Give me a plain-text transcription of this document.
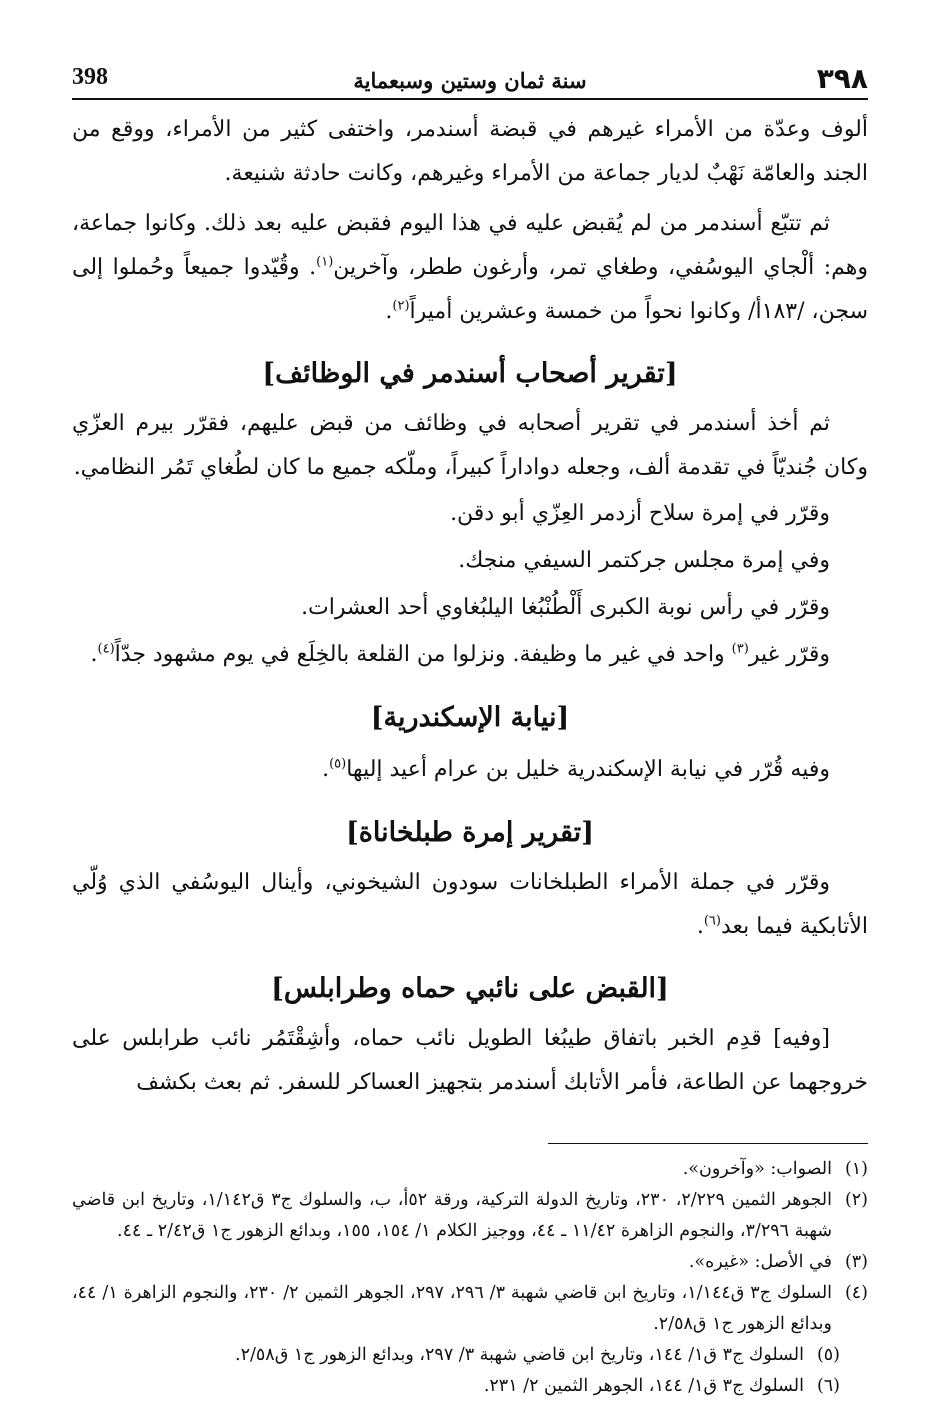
٣٩٨
سنة ثمان وستين وسبعماية
398

ألوف وعدّة من الأمراء غيرهم في قبضة أسندمر، واختفى كثير من الأمراء، ووقع من الجند والعامّة نَهْبٌ لديار جماعة من الأمراء وغيرهم، وكانت حادثة شنيعة.

ثم تتبّع أسندمر من لم يُقبض عليه في هذا اليوم فقبض عليه بعد ذلك. وكانوا جماعة، وهم: ألْجاي اليوسُفي، وطغاي تمر، وأرغون ططر، وآخرين$^{(١)}$. وقُيّدوا جميعاً وحُملوا إلى سجن، /١٨٣أ/ وكانوا نحواً من خمسة وعشرين أميراً$^{(٢)}$.

[تقرير أصحاب أسندمر في الوظائف]

ثم أخذ أسندمر في تقرير أصحابه في وظائف من قبض عليهم، فقرّر بيرم العزّي وكان جُنديّاً في تقدمة ألف، وجعله دواداراً كبيراً، وملّكه جميع ما كان لطُغاي تَمُر النظامي.

وقرّر في إمرة سلاح أزدمر العِزّي أبو دقن.

وفي إمرة مجلس جركتمر السيفي منجك.

وقرّر في رأس نوبة الكبرى أَلْطُنْبُغا اليلبُغاوي أحد العشرات.

وقرّر غير$^{(٣)}$ واحد في غير ما وظيفة. ونزلوا من القلعة بالخِلَع في يوم مشهود جدّاً$^{(٤)}$.

[نيابة الإسكندرية]

وفيه قُرّر في نيابة الإسكندرية خليل بن عرام أعيد إليها$^{(٥)}$.

[تقرير إمرة طبلخاناة]

وقرّر في جملة الأمراء الطبلخانات سودون الشيخوني، وأينال اليوسُفي الذي وُلّي الأتابكية فيما بعد$^{(٦)}$.

[القبض على نائبي حماه وطرابلس]

[وفيه] قدِم الخبر باتفاق طيبُغا الطويل نائب حماه، وأشِقْتَمُر نائب طرابلس على خروجهما عن الطاعة، فأمر الأتابك أسندمر بتجهيز العساكر للسفر. ثم بعث بكشف

(١)
الصواب: «وآخرون».
(٢)
الجوهر الثمين ٢/٢٢٩، ٢٣٠، وتاريخ الدولة التركية، ورقة ٥٢أ، ب، والسلوك ج٣ ق١/١٤٢، وتاريخ ابن قاضي شهبة ٣/٢٩٦، والنجوم الزاهرة ١١/٤٢ ـ ٤٤، ووجيز الكلام ١/ ١٥٤، ١٥٥، وبدائع الزهور ج١ ق٢/٤٢ ـ ٤٤.
(٣)
في الأصل: «غيره».
(٤)
السلوك ج٣ ق١/١٤٤، وتاريخ ابن قاضي شهبة ٣/ ٢٩٦، ٢٩٧، الجوهر الثمين ٢/ ٢٣٠، والنجوم الزاهرة ١/ ٤٤، وبدائع الزهور ج١ ق٢/٥٨.
(٥)
السلوك ج٣ ق١/ ١٤٤، وتاريخ ابن قاضي شهبة ٣/ ٢٩٧، وبدائع الزهور ج١ ق٢/٥٨.
(٦)
السلوك ج٣ ق١/ ١٤٤، الجوهر الثمين ٢/ ٢٣١.
